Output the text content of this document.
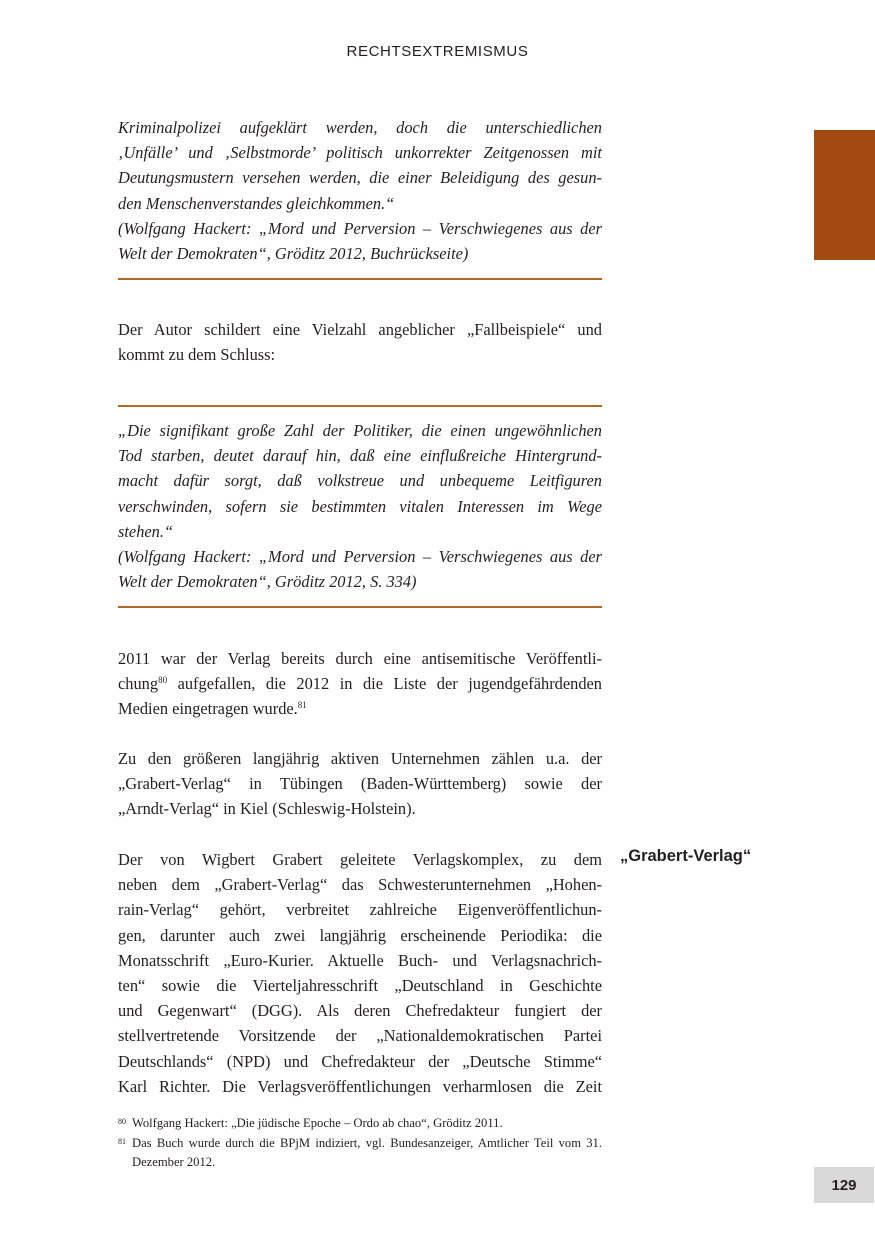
RECHTSEXTREMISMUS

Kriminalpolizei aufgeklärt werden, doch die unterschiedlichen

‚Unfälle’ und ‚Selbstmorde’ politisch unkorrekter Zeitgenossen mit

Deutungsmustern versehen werden, die einer Beleidigung des gesun-

den Menschenverstandes gleichkommen.“

(Wolfgang Hackert: „Mord und Perversion – Verschwiegenes aus der

Welt der Demokraten“, Gröditz 2012, Buchrückseite)

Der Autor schildert eine Vielzahl angeblicher „Fallbeispiele“ und

kommt zu dem Schluss:

„Die signifikant große Zahl der Politiker, die einen ungewöhnlichen

Tod starben, deutet darauf hin, daß eine einflußreiche Hintergrund-

macht dafür sorgt, daß volkstreue und unbequeme Leitfiguren

verschwinden, sofern sie bestimmten vitalen Interessen im Wege

stehen.“

(Wolfgang Hackert: „Mord und Perversion – Verschwiegenes aus der

Welt der Demokraten“, Gröditz 2012, S. 334)

2011 war der Verlag bereits durch eine antisemitische Veröffentli-

chung$^{80}$ aufgefallen, die 2012 in die Liste der jugendgefährdenden

Medien eingetragen wurde.$^{81}$

Zu den größeren langjährig aktiven Unternehmen zählen u.a. der

„Grabert-Verlag“ in Tübingen (Baden-Württemberg) sowie der

„Arndt-Verlag“ in Kiel (Schleswig-Holstein).

Der von Wigbert Grabert geleitete Verlagskomplex, zu dem

neben dem „Grabert-Verlag“ das Schwesterunternehmen „Hohen-

rain-Verlag“ gehört, verbreitet zahlreiche Eigenveröffentlichun-

gen, darunter auch zwei langjährig erscheinende Periodika: die

Monatsschrift „Euro-Kurier. Aktuelle Buch- und Verlagsnachrich-

ten“ sowie die Vierteljahresschrift „Deutschland in Geschichte

und Gegenwart“ (DGG). Als deren Chefredakteur fungiert der

stellvertretende Vorsitzende der „Nationaldemokratischen Partei

Deutschlands“ (NPD) und Chefredakteur der „Deutsche Stimme“

Karl Richter. Die Verlagsveröffentlichungen verharmlosen die Zeit

„Grabert-Verlag“
80 Wolfgang Hackert: „Die jüdische Epoche – Ordo ab chao“, Gröditz 2011.
81 Das Buch wurde durch die BPjM indiziert, vgl. Bundesanzeiger, Amtlicher Teil vom 31. Dezember 2012.
129
